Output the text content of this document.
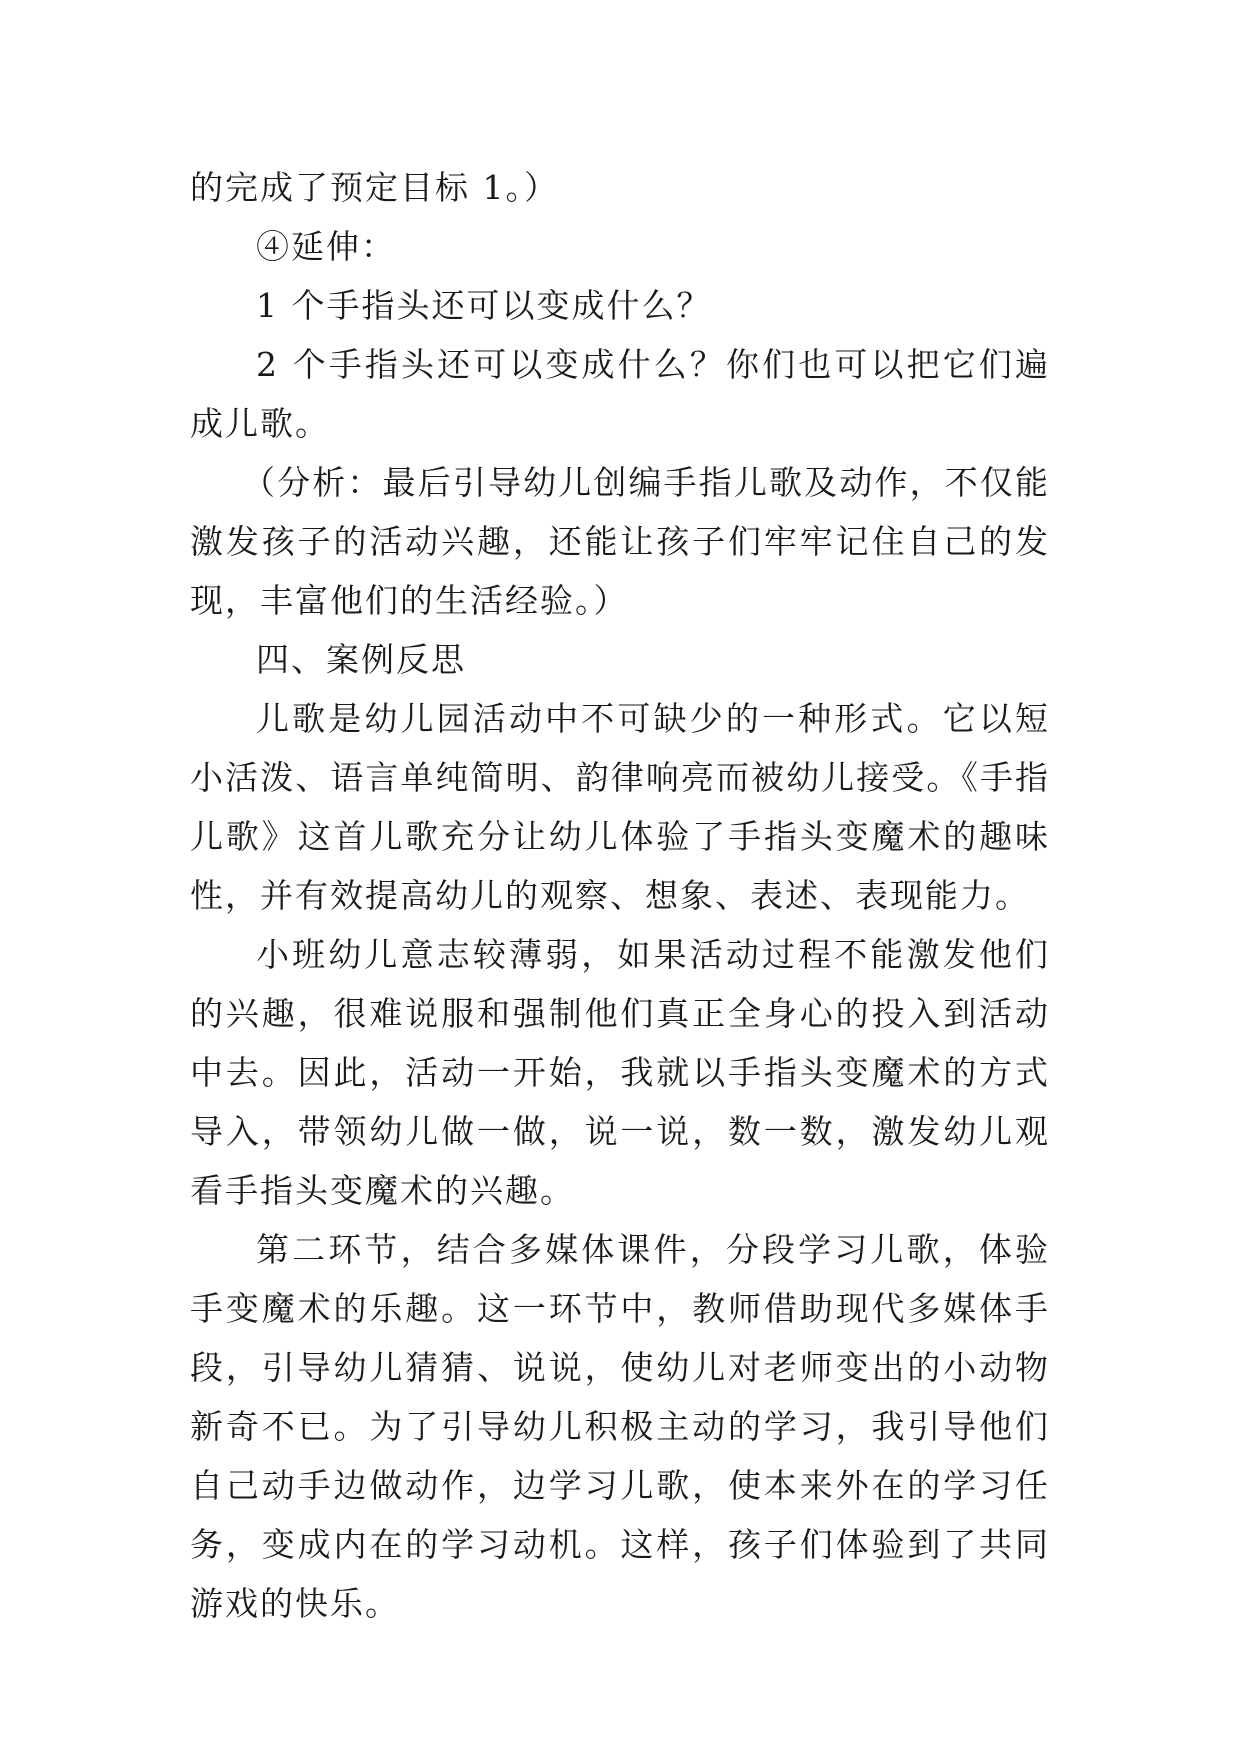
的完成了预定目标 1。）

④延伸：

1 个手指头还可以变成什么？

2 个手指头还可以变成什么？你们也可以把它们遍成儿歌。

（分析：最后引导幼儿创编手指儿歌及动作，不仅能激发孩子的活动兴趣，还能让孩子们牢牢记住自己的发现，丰富他们的生活经验。）

四、案例反思

儿歌是幼儿园活动中不可缺少的一种形式。它以短小活泼、语言单纯简明、韵律响亮而被幼儿接受。《手指儿歌》这首儿歌充分让幼儿体验了手指头变魔术的趣味性，并有效提高幼儿的观察、想象、表述、表现能力。

小班幼儿意志较薄弱，如果活动过程不能激发他们的兴趣，很难说服和强制他们真正全身心的投入到活动中去。因此，活动一开始，我就以手指头变魔术的方式导入，带领幼儿做一做，说一说，数一数，激发幼儿观看手指头变魔术的兴趣。

第二环节，结合多媒体课件，分段学习儿歌，体验手变魔术的乐趣。这一环节中，教师借助现代多媒体手段，引导幼儿猜猜、说说，使幼儿对老师变出的小动物新奇不已。为了引导幼儿积极主动的学习，我引导他们自己动手边做动作，边学习儿歌，使本来外在的学习任务，变成内在的学习动机。这样，孩子们体验到了共同游戏的快乐。
